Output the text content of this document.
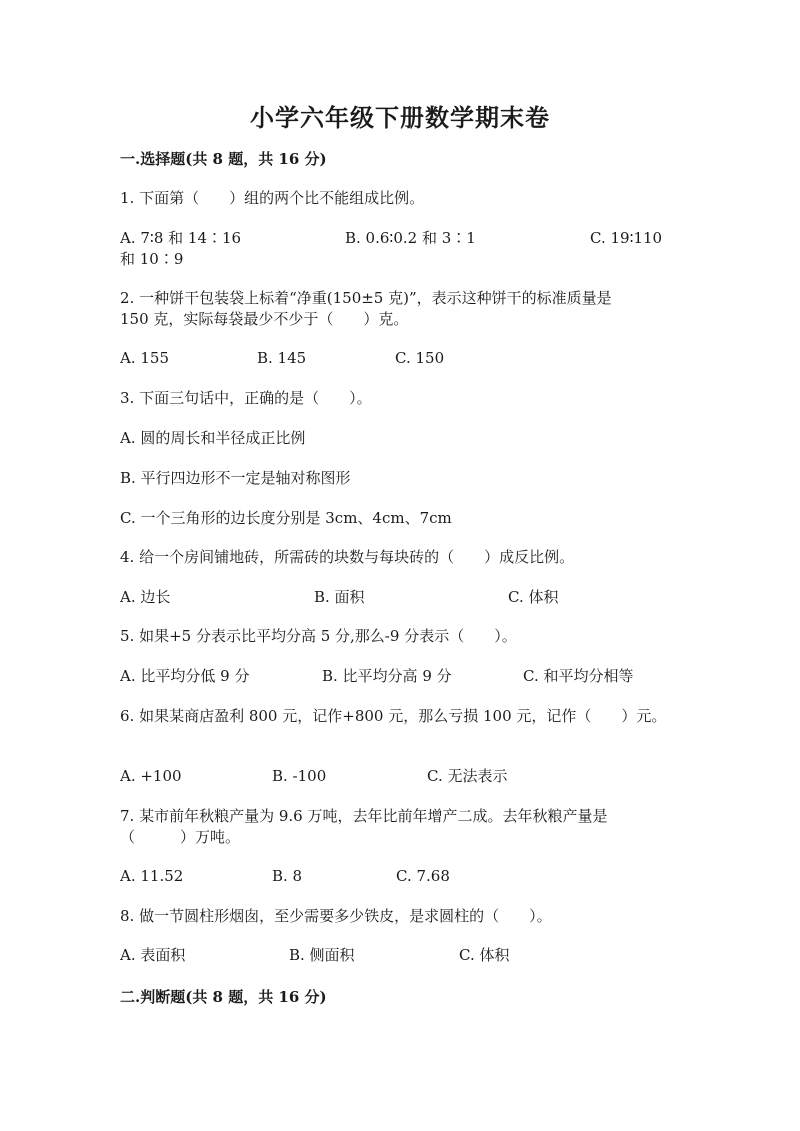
小学六年级下册数学期末卷
一.选择题(共 8 题，共 16 分)
1. 下面第（　　）组的两个比不能组成比例。
A. 7∶8 和 14∶16	B. 0.6∶0.2 和 3∶1	C. 19∶110
和 10∶9
2. 一种饼干包装袋上标着“净重(150±5 克)”，表示这种饼干的标准质量是
150 克，实际每袋最少不少于（　　）克。
A. 155	B. 145	C. 150
3. 下面三句话中，正确的是（　　）。
A. 圆的周长和半径成正比例
B. 平行四边形不一定是轴对称图形
C. 一个三角形的边长度分别是 3cm、4cm、7cm
4. 给一个房间铺地砖，所需砖的块数与每块砖的（　　）成反比例。
A. 边长	B. 面积	C. 体积
5. 如果+5 分表示比平均分高 5 分,那么-9 分表示（　　）。
A. 比平均分低 9 分	B. 比平均分高 9 分	C. 和平均分相等
6. 如果某商店盈利 800 元，记作+800 元，那么亏损 100 元，记作（　　）元。
A. +100	B. -100	C. 无法表示
7. 某市前年秋粮产量为 9.6 万吨，去年比前年增产二成。去年秋粮产量是
（　　　）万吨。
A. 11.52	B. 8	C. 7.68
8. 做一节圆柱形烟囱，至少需要多少铁皮，是求圆柱的（　　）。
A. 表面积	B. 侧面积	C. 体积
二.判断题(共 8 题，共 16 分)
